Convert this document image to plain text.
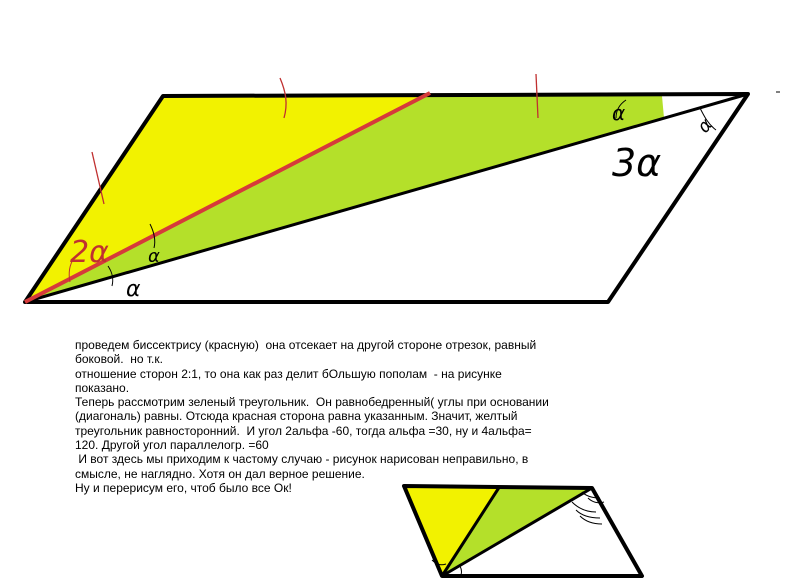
2α α
α
α
3α
α

проведем биссектрису (красную)  она отсекает на другой стороне отрезок, равный боковой.  но т.к.

отношение сторон 2:1, то она как раз делит бОльшую пополам  - на рисунке

показано.

Теперь рассмотрим зеленый треугольник.  Он равнобедренный( углы при основании

(диагональ) равны. Отсюда красная сторона равна указанным. Значит, желтый

треугольник равносторонний.  И угол 2альфа -60, тогда альфа =30, ну и 4альфа=

120. Другой угол параллелогр. =60

И вот здесь мы приходим к частому случаю - рисунок нарисован неправильно, в

смысле, не наглядно. Хотя он дал верное решение.

Ну и перерисум его, чтоб было все Ок!
